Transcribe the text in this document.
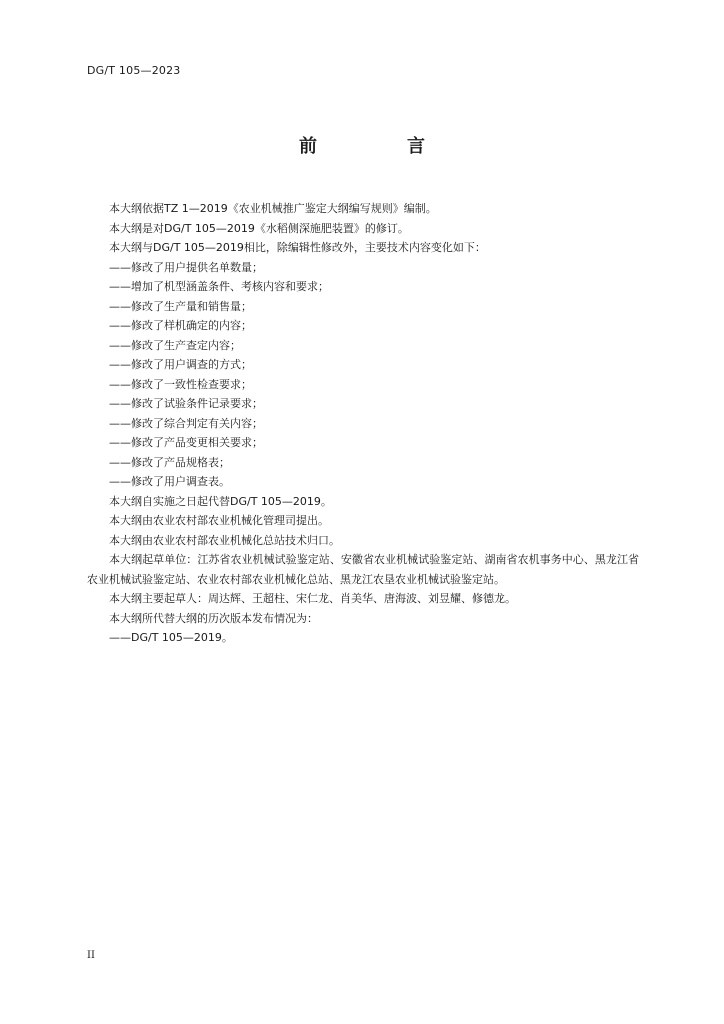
DG/T 105—2023
前　言

本大纲依据TZ 1—2019《农业机械推广鉴定大纲编写规则》编制。

本大纲是对DG/T 105—2019《水稻侧深施肥装置》的修订。

本大纲与DG/T 105—2019相比，除编辑性修改外，主要技术内容变化如下：

——修改了用户提供名单数量；

——增加了机型涵盖条件、考核内容和要求；

——修改了生产量和销售量；

——修改了样机确定的内容；

——修改了生产查定内容；

——修改了用户调查的方式；

——修改了一致性检查要求；

——修改了试验条件记录要求；

——修改了综合判定有关内容；

——修改了产品变更相关要求；

——修改了产品规格表；

——修改了用户调查表。

本大纲自实施之日起代替DG/T 105—2019。

本大纲由农业农村部农业机械化管理司提出。

本大纲由农业农村部农业机械化总站技术归口。

本大纲起草单位：江苏省农业机械试验鉴定站、安徽省农业机械试验鉴定站、湖南省农机事务中心、黑龙江省农业机械试验鉴定站、农业农村部农业机械化总站、黑龙江农垦农业机械试验鉴定站。

本大纲主要起草人：周达辉、王超柱、宋仁龙、肖美华、唐海波、刘昱耀、修德龙。

本大纲所代替大纲的历次版本发布情况为：

——DG/T 105—2019。

II
